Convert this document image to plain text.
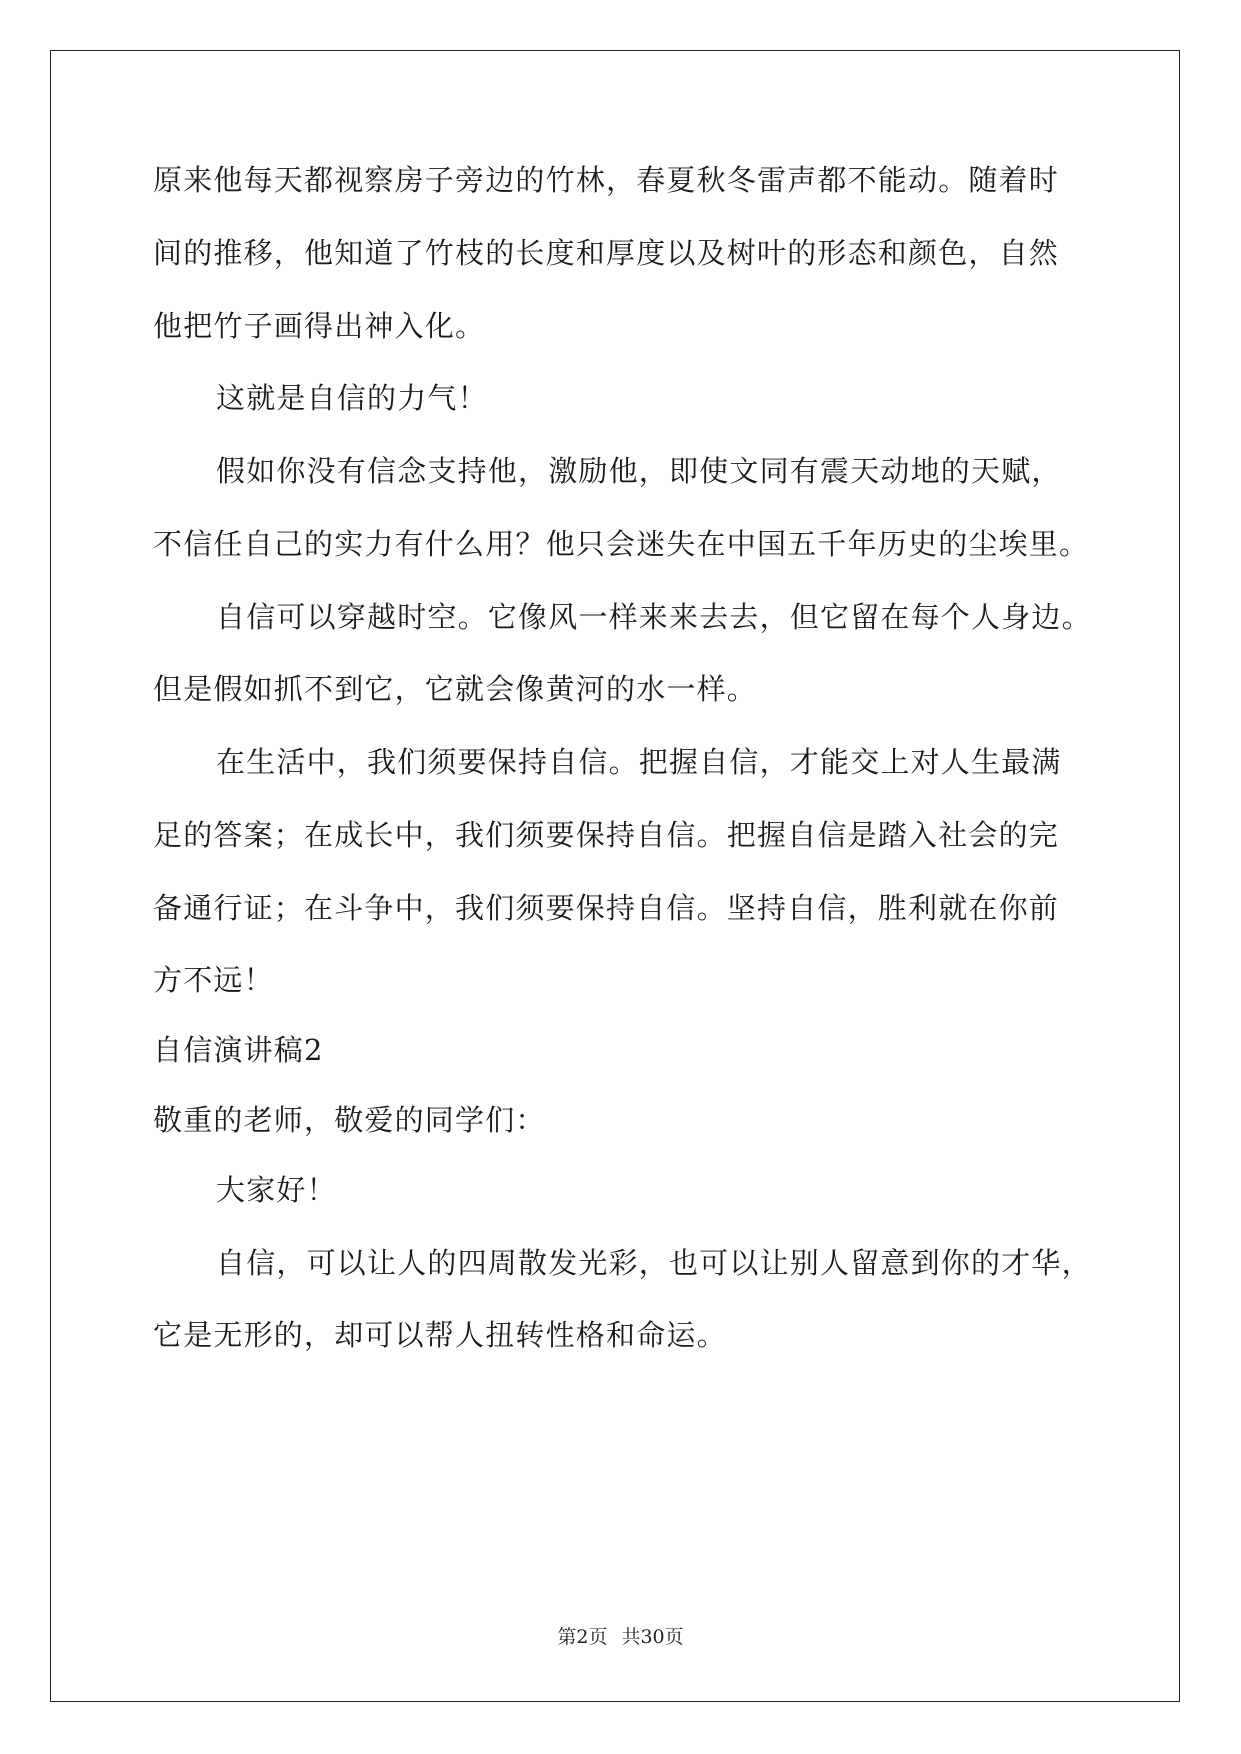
原来他每天都视察房子旁边的竹林，春夏秋冬雷声都不能动。随着时
间的推移，他知道了竹枝的长度和厚度以及树叶的形态和颜色，自然
他把竹子画得出神入化。
这就是自信的力气！
假如你没有信念支持他，激励他，即使文同有震天动地的天赋，
不信任自己的实力有什么用？他只会迷失在中国五千年历史的尘埃里。
自信可以穿越时空。它像风一样来来去去，但它留在每个人身边。
但是假如抓不到它，它就会像黄河的水一样。
在生活中，我们须要保持自信。把握自信，才能交上对人生最满
足的答案；在成长中，我们须要保持自信。把握自信是踏入社会的完
备通行证；在斗争中，我们须要保持自信。坚持自信，胜利就在你前
方不远！
自信演讲稿2
敬重的老师，敬爱的同学们：
大家好！
自信，可以让人的四周散发光彩，也可以让别人留意到你的才华，
它是无形的，却可以帮人扭转性格和命运。
第2页 共30页
